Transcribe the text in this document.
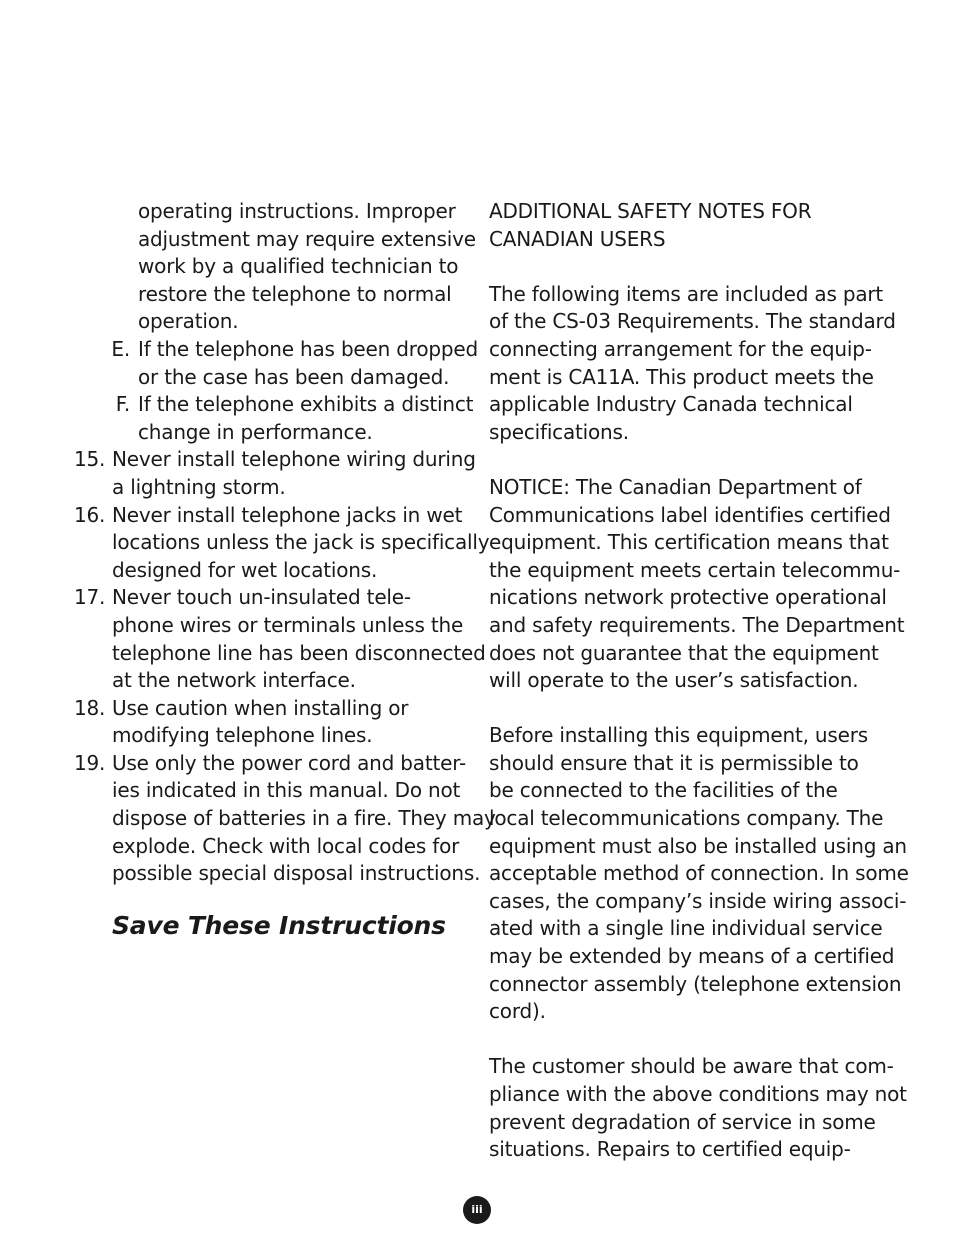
operating instructions. Improper
adjustment may require extensive
work by a qualified technician to
restore the telephone to normal
operation.
E. If the telephone has been dropped
or the case has been damaged.
F. If the telephone exhibits a distinct
change in performance.
15. Never install telephone wiring during
a lightning storm.
16. Never install telephone jacks in wet
locations unless the jack is specifically
designed for wet locations.
17. Never touch un-insulated tele-
phone wires or terminals unless the
telephone line has been disconnected
at the network interface.
18. Use caution when installing or
modifying telephone lines.
19. Use only the power cord and batter-
ies indicated in this manual. Do not
dispose of batteries in a fire. They may
explode. Check with local codes for
possible special disposal instructions.
Save These Instructions
ADDITIONAL SAFETY NOTES FOR
CANADIAN USERS
The following items are included as part
of the CS-03 Requirements. The standard
connecting arrangement for the equip-
ment is CA11A. This product meets the
applicable Industry Canada technical
specifications.
NOTICE: The Canadian Department of
Communications label identifies certified
equipment. This certification means that
the equipment meets certain telecommu-
nications network protective operational
and safety requirements. The Department
does not guarantee that the equipment
will operate to the user’s satisfaction.
Before installing this equipment, users
should ensure that it is permissible to
be connected to the facilities of the
local telecommunications company. The
equipment must also be installed using an
acceptable method of connection. In some
cases, the company’s inside wiring associ-
ated with a single line individual service
may be extended by means of a certified
connector assembly (telephone extension
cord).
The customer should be aware that com-
pliance with the above conditions may not
prevent degradation of service in some
situations. Repairs to certified equip-
iii
